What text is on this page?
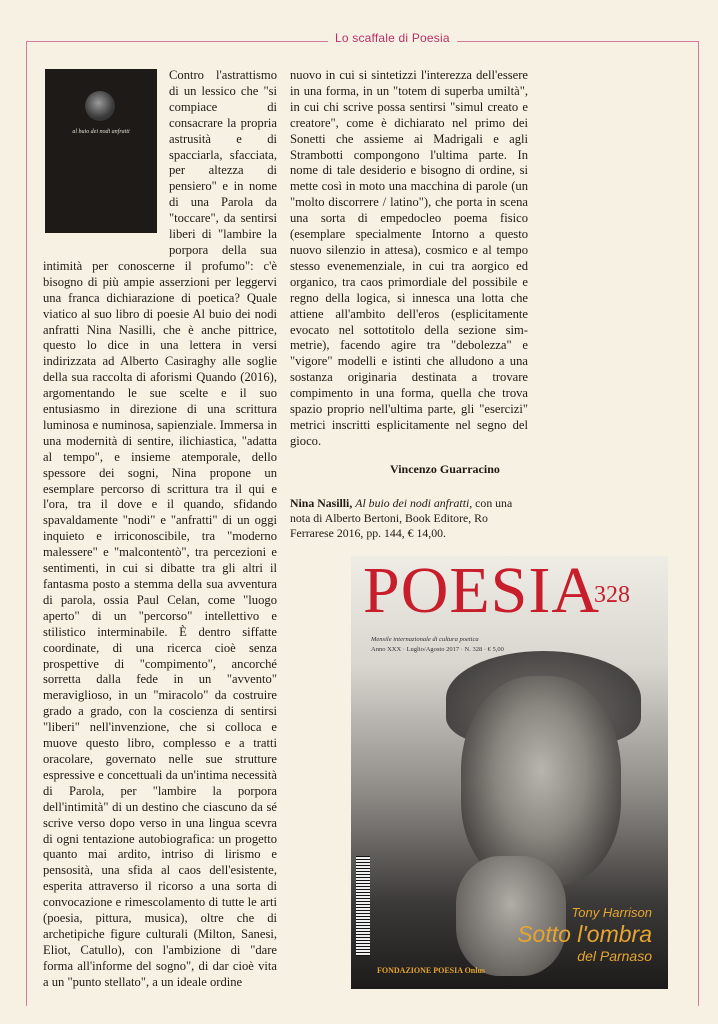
Lo scaffale di Poesia
al buio dei nodi anfratti

Contro l'astrattismo di un lessico che "si compiace di consacrare la propria astrusità e di spacciarla, sfacciata, per altezza di pensiero" e in nome di una Parola da "toccare", da sentirsi liberi di "lambire la porpora della sua intimità per conoscerne il profumo": c'è bisogno di più ampie asserzioni per leggervi una franca dichiarazione di poetica? Quale viatico al suo libro di poesie Al buio dei nodi anfratti Nina Nasilli, che è anche pittrice, questo lo dice in una lettera in versi indirizzata ad Alberto Casiraghy alle soglie della sua raccolta di aforismi Quando (2016), argomentando le sue scelte e il suo entusiasmo in direzione di una scrittura luminosa e numinosa, sapienziale. Immersa in una modernità di sentire, ilichiastica, "adatta al tempo", e insieme atemporale, dello spessore dei sogni, Nina propone un esemplare percorso di scrittura tra il qui e l'ora, tra il dove e il quando, sfidando spavaldamente "nodi" e "anfratti" di un oggi inquieto e irriconoscibile, tra "moderno malessere" e "malcontentò", tra percezioni e sentimenti, in cui si dibatte tra gli altri il fantasma posto a stemma della sua avventura di parola, ossia Paul Celan, come "luogo aperto" di un "percorso" intellettivo e stilistico interminabile. È dentro siffatte coordinate, di una ricerca cioè senza prospettive di "compimento", ancorché sorretta dalla fede in un "avvento" meraviglioso, in un "miracolo" da costruire grado a grado, con la coscienza di sentirsi "liberi" nell'invenzione, che si colloca e muove questo libro, complesso e a tratti oracolare, governato nelle sue strutture espressive e concettuali da un'intima necessità di Parola, per "lambire la porpora dell'intimità" di un destino che ciascuno da sé scrive verso dopo verso in una lingua scevra di ogni tentazione autobiografica: un progetto quanto mai ardito, intriso di lirismo e pensosità, una sfida al caos dell'esistente, esperita attraverso il ricorso a una sorta di convocazione e rimescolamento di tutte le arti (poesia, pittura, musica), oltre che di archetipiche figure culturali (Milton, Sanesi, Eliot, Catullo), con l'ambizione di "dare forma all'informe del sogno", di dar cioè vita a un "punto stellato", a un ideale ordine

nuovo in cui si sintetizzi l'interezza dell'essere in una forma, in un "totem di superba umiltà", in cui chi scrive possa sentirsi "simul creato e creatore", come è dichiarato nel primo dei Sonetti che assieme ai Madrigali e agli Strambotti compongono l'ultima parte. In nome di tale desiderio e bisogno di ordine, si mette così in moto una macchina di parole (un "molto discorrere / latino"), che porta in scena una sorta di empedocleo poema fisico (esemplare specialmente Intorno a questo nuovo silenzio in attesa), cosmico e al tempo stesso evenemenziale, in cui tra aorgico ed organico, tra caos primordiale del possibile e regno della logica, si innesca una lotta che attiene all'ambito dell'eros (esplicitamente evocato nel sottotitolo della sezione sim-metrie), facendo agire tra "debolezza" e "vigore" modelli e istinti che alludono a una sostanza originaria destinata a trovare compimento in una forma, quella che trova spazio proprio nell'ultima parte, gli "esercizi" metrici inscritti esplicitamente nel segno del gioco.

Vincenzo Guarracino
Nina Nasilli, Al buio dei nodi anfratti, con una nota di Alberto Bertoni, Book Editore, Ro Ferrarese 2016, pp. 144, € 14,00.
POESIA
328
Mensile internazionale di cultura poetica
Anno XXX · Luglio/Agosto 2017 · N. 328 · € 5,00
Tony Harrison
Sotto l'ombra
del Parnaso
FONDAZIONE POESIA Onlus
